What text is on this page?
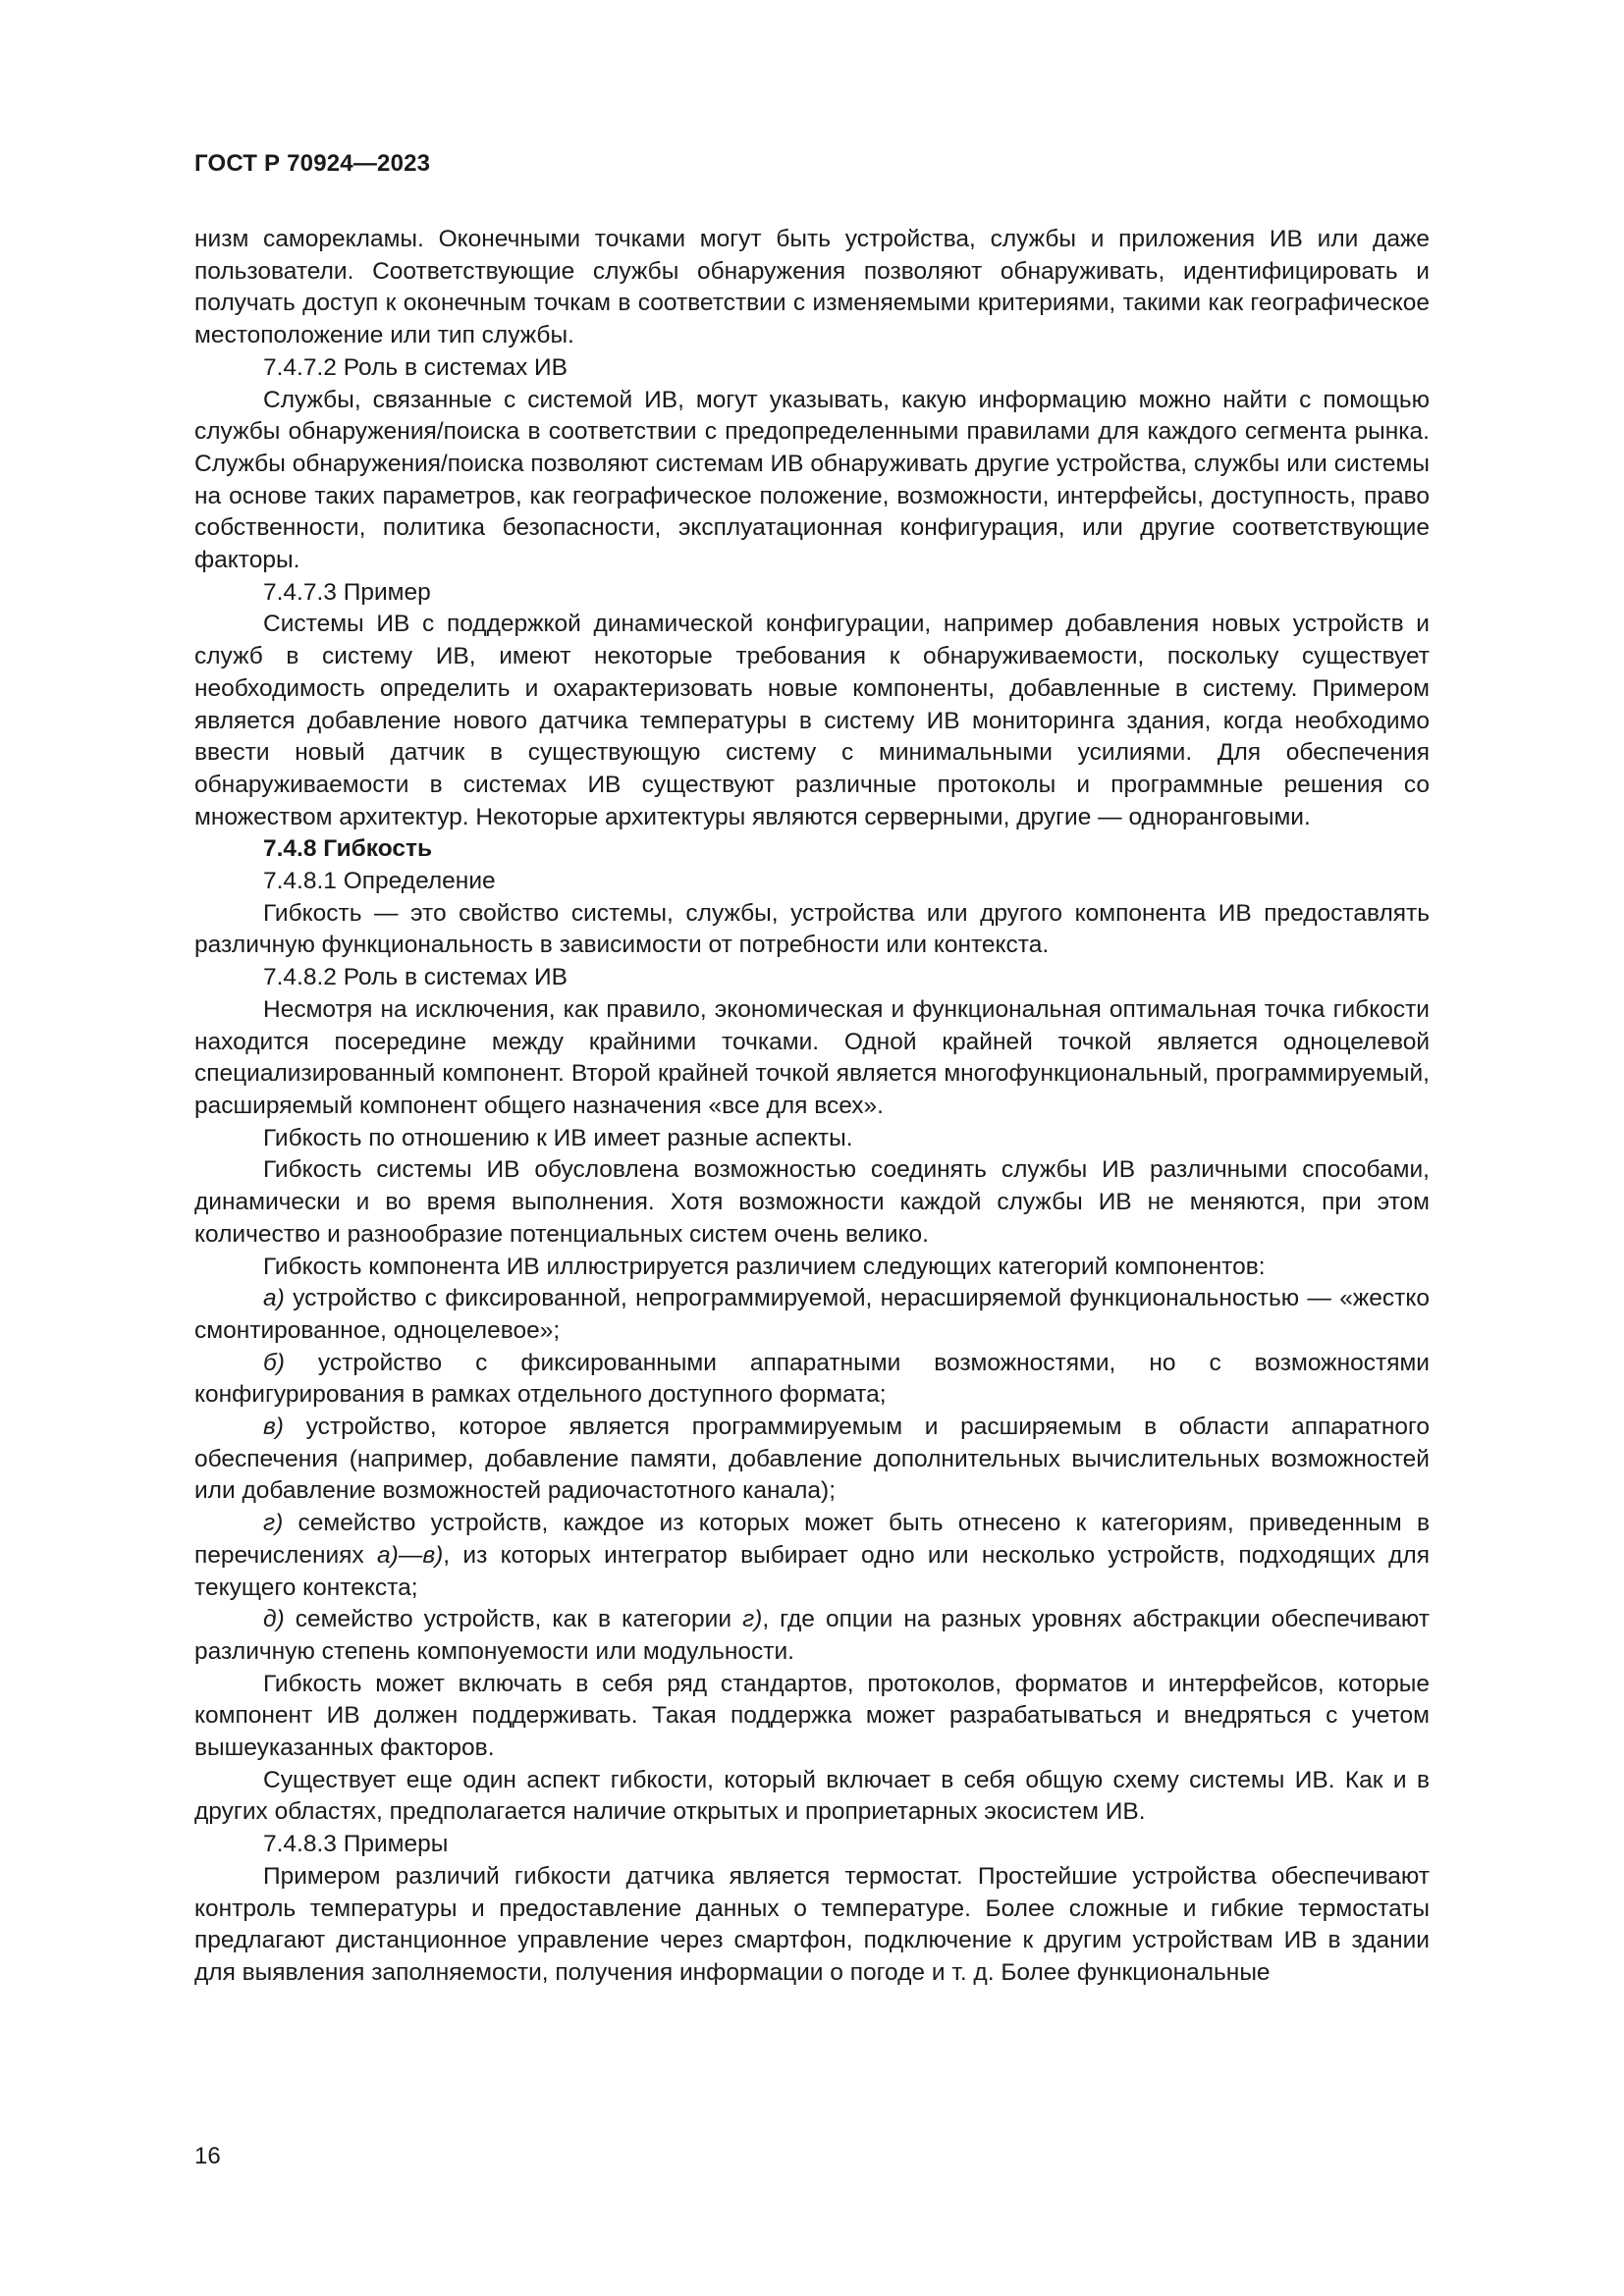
ГОСТ Р 70924—2023

низм саморекламы. Оконечными точками могут быть устройства, службы и приложения ИВ или даже пользователи. Соответствующие службы обнаружения позволяют обнаруживать, идентифицировать и получать доступ к оконечным точкам в соответствии с изменяемыми критериями, такими как географическое местоположение или тип службы.

7.4.7.2 Роль в системах ИВ

Службы, связанные с системой ИВ, могут указывать, какую информацию можно найти с помощью службы обнаружения/поиска в соответствии с предопределенными правилами для каждого сегмента рынка. Службы обнаружения/поиска позволяют системам ИВ обнаруживать другие устройства, службы или системы на основе таких параметров, как географическое положение, возможности, интерфейсы, доступность, право собственности, политика безопасности, эксплуатационная конфигурация, или другие соответствующие факторы.

7.4.7.3 Пример

Системы ИВ с поддержкой динамической конфигурации, например добавления новых устройств и служб в систему ИВ, имеют некоторые требования к обнаруживаемости, поскольку существует необходимость определить и охарактеризовать новые компоненты, добавленные в систему. Примером является добавление нового датчика температуры в систему ИВ мониторинга здания, когда необходимо ввести новый датчик в существующую систему с минимальными усилиями. Для обеспечения обнаруживаемости в системах ИВ существуют различные протоколы и программные решения со множеством архитектур. Некоторые архитектуры являются серверными, другие — одноранговыми.

7.4.8 Гибкость

7.4.8.1 Определение

Гибкость — это свойство системы, службы, устройства или другого компонента ИВ предоставлять различную функциональность в зависимости от потребности или контекста.

7.4.8.2 Роль в системах ИВ

Несмотря на исключения, как правило, экономическая и функциональная оптимальная точка гибкости находится посередине между крайними точками. Одной крайней точкой является одноцелевой специализированный компонент. Второй крайней точкой является многофункциональный, программируемый, расширяемый компонент общего назначения «все для всех».

Гибкость по отношению к ИВ имеет разные аспекты.

Гибкость системы ИВ обусловлена возможностью соединять службы ИВ различными способами, динамически и во время выполнения. Хотя возможности каждой службы ИВ не меняются, при этом количество и разнообразие потенциальных систем очень велико.

Гибкость компонента ИВ иллюстрируется различием следующих категорий компонентов:

а) устройство с фиксированной, непрограммируемой, нерасширяемой функциональностью — «жестко смонтированное, одноцелевое»;

б) устройство с фиксированными аппаратными возможностями, но с возможностями конфигурирования в рамках отдельного доступного формата;

в) устройство, которое является программируемым и расширяемым в области аппаратного обеспечения (например, добавление памяти, добавление дополнительных вычислительных возможностей или добавление возможностей радиочастотного канала);

г) семейство устройств, каждое из которых может быть отнесено к категориям, приведенным в перечислениях а)—в), из которых интегратор выбирает одно или несколько устройств, подходящих для текущего контекста;

д) семейство устройств, как в категории г), где опции на разных уровнях абстракции обеспечивают различную степень компонуемости или модульности.

Гибкость может включать в себя ряд стандартов, протоколов, форматов и интерфейсов, которые компонент ИВ должен поддерживать. Такая поддержка может разрабатываться и внедряться с учетом вышеуказанных факторов.

Существует еще один аспект гибкости, который включает в себя общую схему системы ИВ. Как и в других областях, предполагается наличие открытых и проприетарных экосистем ИВ.

7.4.8.3 Примеры

Примером различий гибкости датчика является термостат. Простейшие устройства обеспечивают контроль температуры и предоставление данных о температуре. Более сложные и гибкие термостаты предлагают дистанционное управление через смартфон, подключение к другим устройствам ИВ в здании для выявления заполняемости, получения информации о погоде и т. д. Более функциональные

16
